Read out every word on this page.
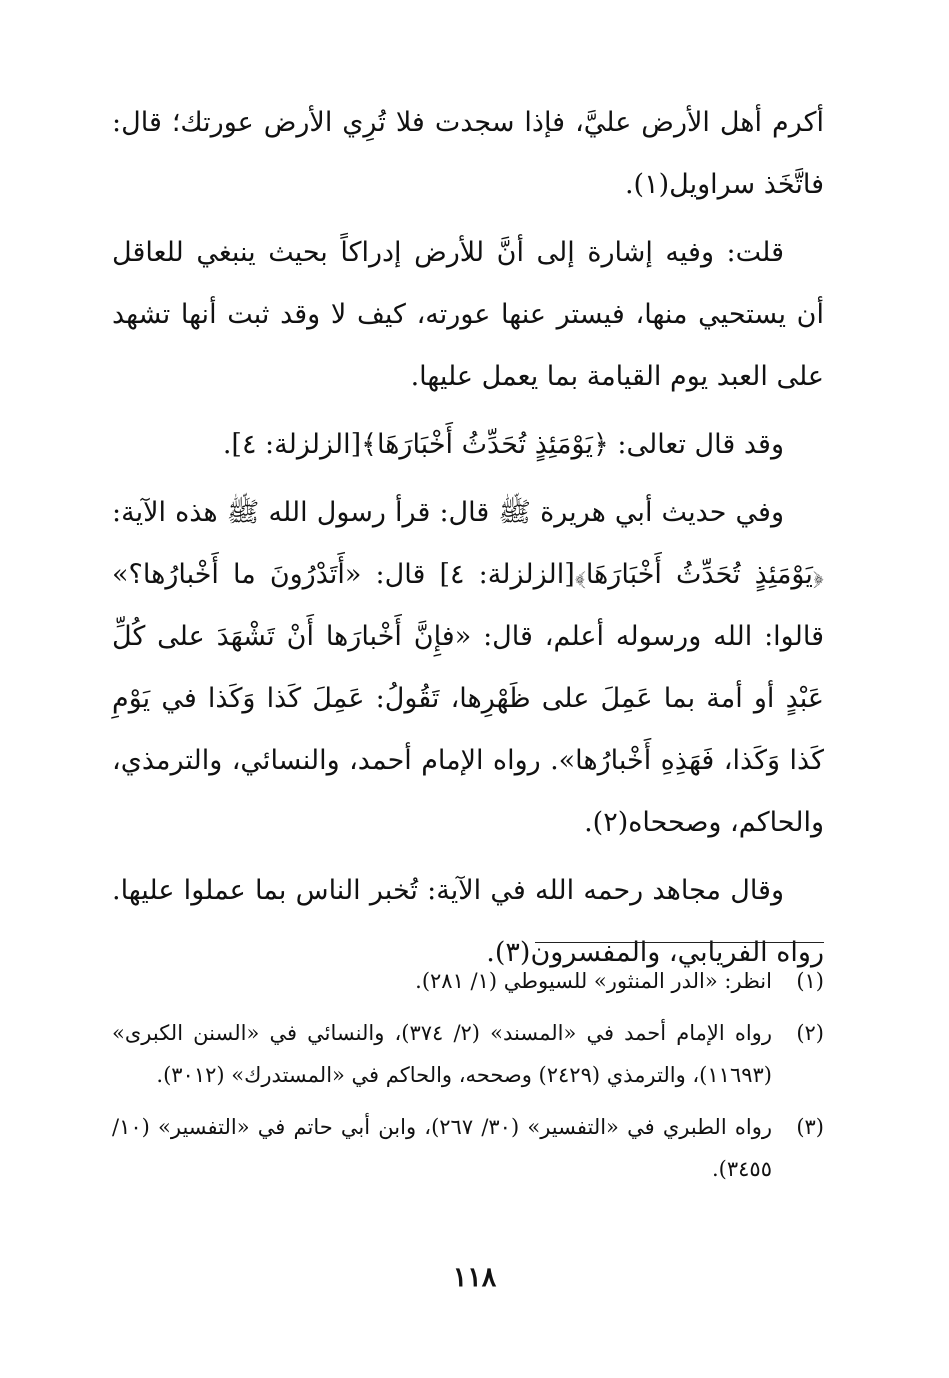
أكرم أهل الأرض عليَّ، فإذا سجدت فلا تُرِي الأرض عورتك؛ قال: فاتَّخَذ سراويل(١).

قلت: وفيه إشارة إلى أنَّ للأرض إدراكاً بحيث ينبغي للعاقل أن يستحيي منها، فيستر عنها عورته، كيف لا وقد ثبت أنها تشهد على العبد يوم القيامة بما يعمل عليها.

وقد قال تعالى: ﴿يَوْمَئِذٍ تُحَدِّثُ أَخْبَارَهَا﴾[الزلزلة: ٤].

وفي حديث أبي هريرة ﷺ قال: قرأ رسول الله ﷺ هذه الآية: ﴿يَوْمَئِذٍ تُحَدِّثُ أَخْبَارَهَا﴾[الزلزلة: ٤] قال: «أَتَدْرُونَ ما أَخْبارُها؟» قالوا: الله ورسوله أعلم، قال: «فإِنَّ أَخْبارَها أَنْ تَشْهَدَ على كُلِّ عَبْدٍ أو أمة بما عَمِلَ على ظَهْرِها، تَقُولُ: عَمِلَ كَذا وَكَذا في يَوْمِ كَذا وَكَذا، فَهَذِهِ أَخْبارُها». رواه الإمام أحمد، والنسائي، والترمذي، والحاكم، وصححاه(٢).

وقال مجاهد رحمه الله في الآية: تُخبر الناس بما عملوا عليها. رواه الفريابي، والمفسرون(٣).

(١)
انظر: «الدر المنثور» للسيوطي (١/ ٢٨١).
(٢)
رواه الإمام أحمد في «المسند» (٢/ ٣٧٤)، والنسائي في «السنن الكبرى» (١١٦٩٣)، والترمذي (٢٤٢٩) وصححه، والحاكم في «المستدرك» (٣٠١٢).
(٣)
رواه الطبري في «التفسير» (٣٠/ ٢٦٧)، وابن أبي حاتم في «التفسير» (١٠/ ٣٤٥٥).
١١٨
